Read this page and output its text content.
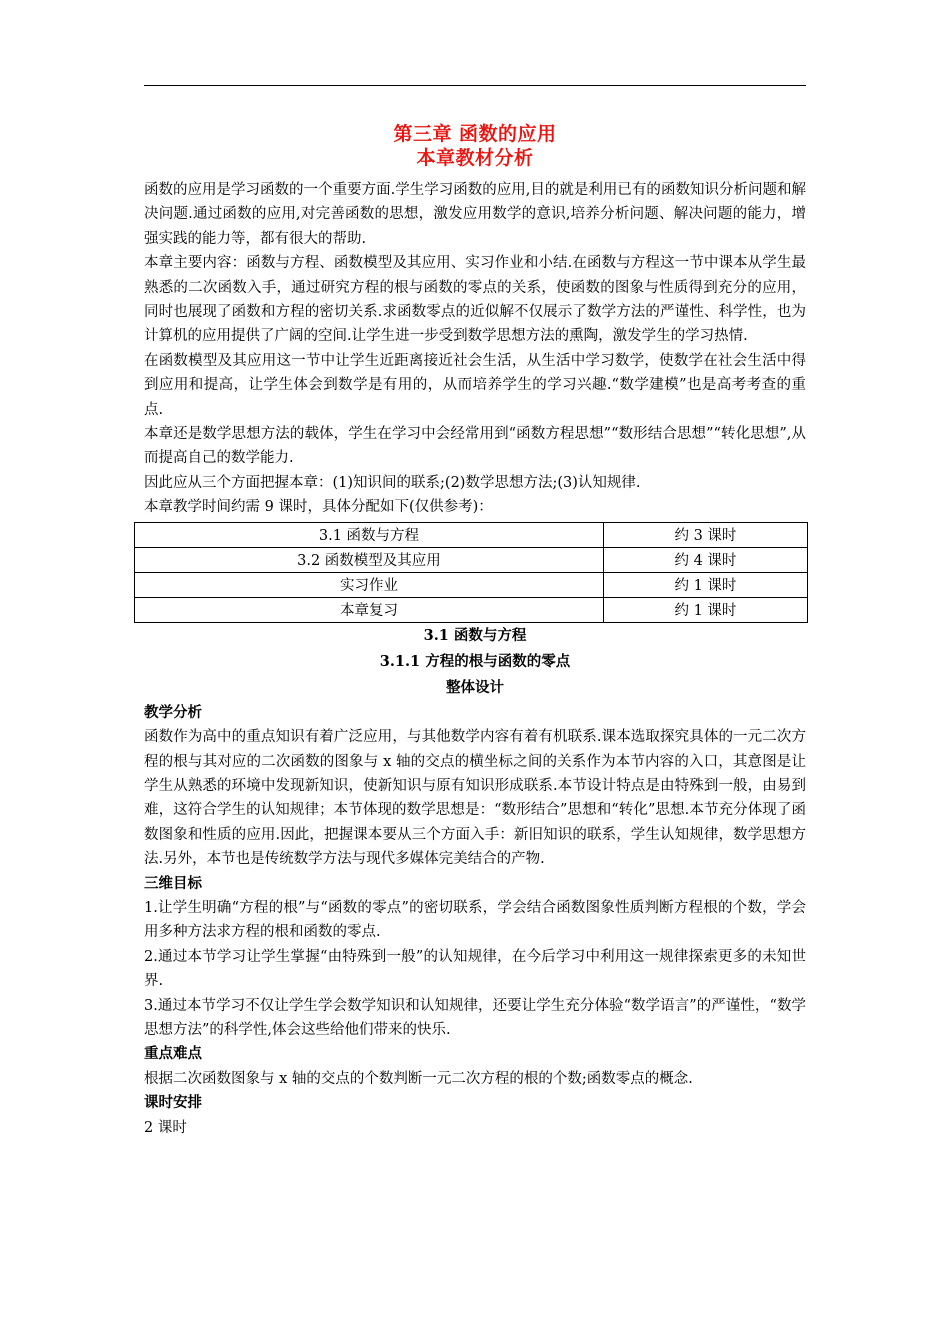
第三章 函数的应用
本章教材分析

函数的应用是学习函数的一个重要方面.学生学习函数的应用,目的就是利用已有的函数知识分析问题和解决问题.通过函数的应用,对完善函数的思想，激发应用数学的意识,培养分析问题、解决问题的能力，增强实践的能力等，都有很大的帮助.

本章主要内容：函数与方程、函数模型及其应用、实习作业和小结.在函数与方程这一节中课本从学生最熟悉的二次函数入手，通过研究方程的根与函数的零点的关系，使函数的图象与性质得到充分的应用，同时也展现了函数和方程的密切关系.求函数零点的近似解不仅展示了数学方法的严谨性、科学性，也为计算机的应用提供了广阔的空间.让学生进一步受到数学思想方法的熏陶，激发学生的学习热情.

在函数模型及其应用这一节中让学生近距离接近社会生活，从生活中学习数学，使数学在社会生活中得到应用和提高，让学生体会到数学是有用的，从而培养学生的学习兴趣.“数学建模”也是高考考查的重点.

本章还是数学思想方法的载体，学生在学习中会经常用到“函数方程思想”“数形结合思想”“转化思想”,从而提高自己的数学能力.

因此应从三个方面把握本章：(1)知识间的联系;(2)数学思想方法;(3)认知规律.

本章教学时间约需 9 课时，具体分配如下(仅供参考)：

3.1 函数与方程	约 3 课时
3.2 函数模型及其应用	约 4 课时
实习作业	约 1 课时
本章复习	约 1 课时
3.1 函数与方程
3.1.1 方程的根与函数的零点
整体设计

教学分析

函数作为高中的重点知识有着广泛应用，与其他数学内容有着有机联系.课本选取探究具体的一元二次方程的根与其对应的二次函数的图象与 x 轴的交点的横坐标之间的关系作为本节内容的入口，其意图是让学生从熟悉的环境中发现新知识，使新知识与原有知识形成联系.本节设计特点是由特殊到一般，由易到难，这符合学生的认知规律；本节体现的数学思想是：“数形结合”思想和“转化”思想.本节充分体现了函数图象和性质的应用.因此，把握课本要从三个方面入手：新旧知识的联系，学生认知规律，数学思想方法.另外，本节也是传统数学方法与现代多媒体完美结合的产物.

三维目标

1.让学生明确“方程的根”与“函数的零点”的密切联系，学会结合函数图象性质判断方程根的个数，学会用多种方法求方程的根和函数的零点.

2.通过本节学习让学生掌握“由特殊到一般”的认知规律，在今后学习中利用这一规律探索更多的未知世界.

3.通过本节学习不仅让学生学会数学知识和认知规律，还要让学生充分体验“数学语言”的严谨性，“数学思想方法”的科学性,体会这些给他们带来的快乐.

重点难点

根据二次函数图象与 x 轴的交点的个数判断一元二次方程的根的个数;函数零点的概念.

课时安排

2 课时
